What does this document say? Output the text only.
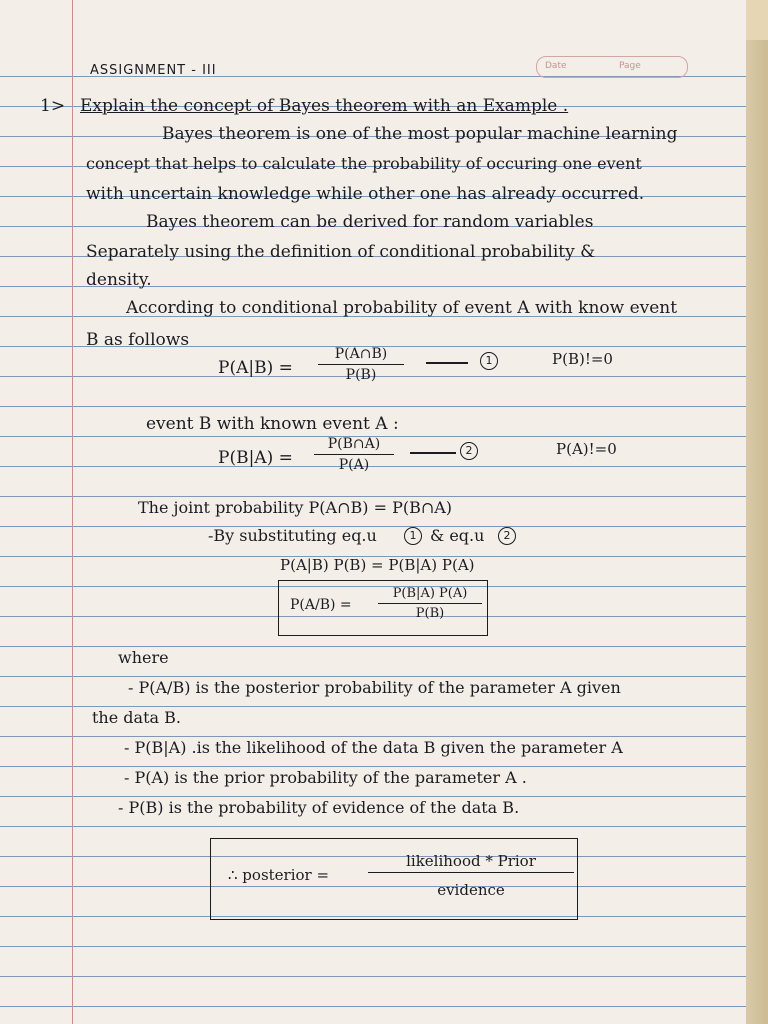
Date	Page
ASSIGNMENT - III
1> Explain the concept of Bayes theorem with an Example .
Bayes theorem is one of the most popular machine learning
concept that helps to calculate the probability of occuring one event
with uncertain knowledge while other one has already occurred.
Bayes theorem can be derived for random variables
Separately using the definition of conditional probability &
density.
According to conditional probability of event A with know event
B as follows
$P(A|B) = \frac{P(A\cap B)}{P(B)}$	1	P(B)!=0
event B with known event A :
$P(B|A) = \frac{P(B\cap A)}{P(A)}$	2	P(A)!=0
The joint probability P(A∩B) = P(B∩A)
-By substituting eq.u	1 & eq.u	2
P(A|B) P(B) = P(B|A) P(A)
$P(A/B) = \frac{P(B|A) P(A)}{P(B)}$
where
- P(A/B) is the posterior probability of the parameter A given
the data B.
- P(B|A) .is the likelihood of the data B given the parameter A
- P(A) is the prior probability of the parameter A .
- P(B) is the probability of evidence of the data B.
∴ posterior =
likelihood * Prior
evidence
